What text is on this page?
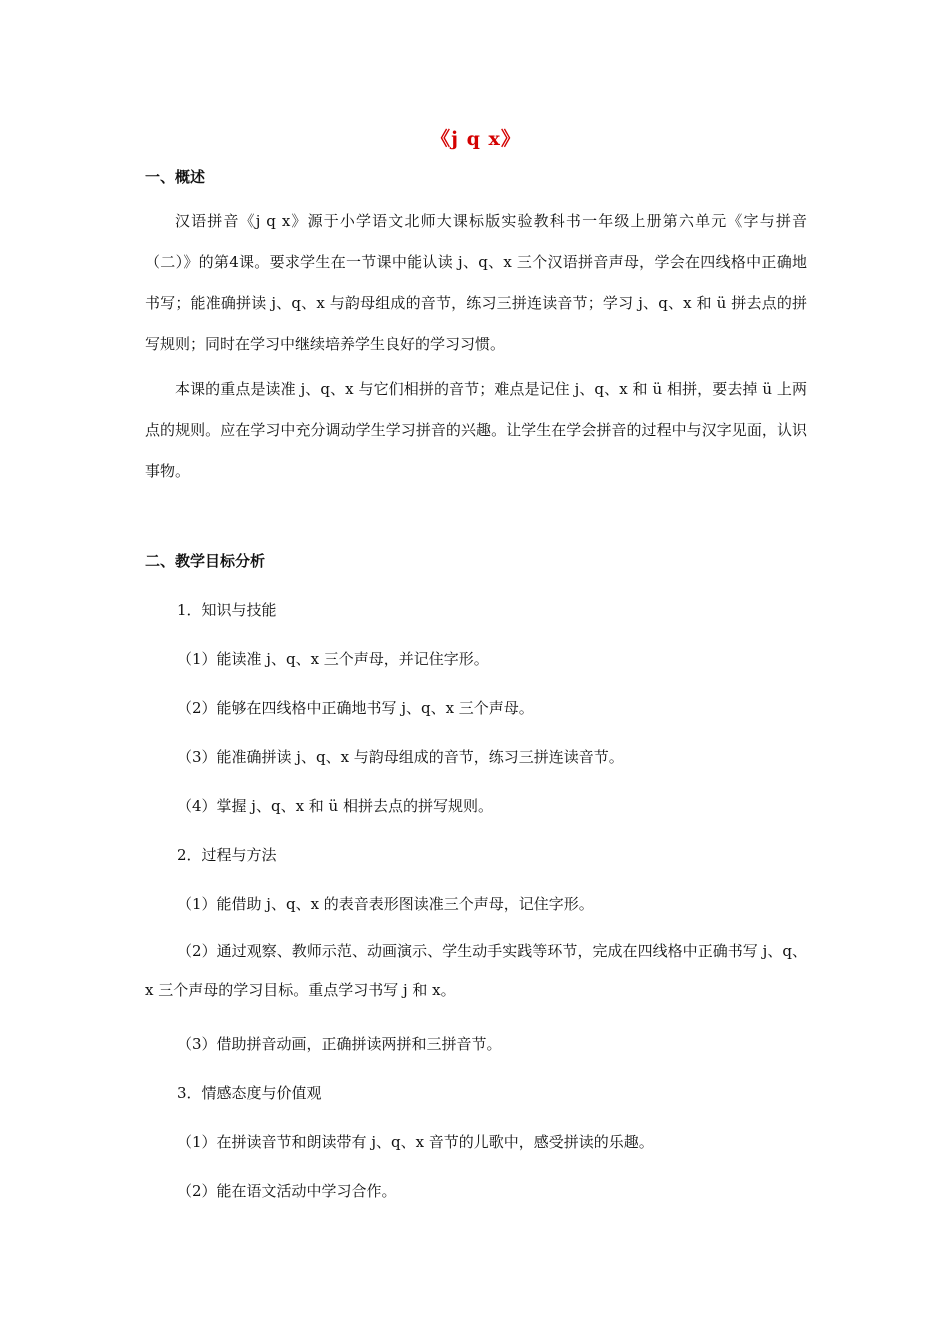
《j q x》
一、概述

汉语拼音《j q x》源于小学语文北师大课标版实验教科书一年级上册第六单元《字与拼音（二）》的第4课。要求学生在一节课中能认读 j、q、x 三个汉语拼音声母，学会在四线格中正确地书写；能准确拼读 j、q、x 与韵母组成的音节，练习三拼连读音节；学习 j、q、x 和 ü 拼去点的拼写规则；同时在学习中继续培养学生良好的学习习惯。

本课的重点是读准 j、q、x 与它们相拼的音节；难点是记住 j、q、x 和 ü 相拼，要去掉 ü 上两点的规则。应在学习中充分调动学生学习拼音的兴趣。让学生在学会拼音的过程中与汉字见面，认识事物。

二、教学目标分析

1．知识与技能

（1）能读准 j、q、x 三个声母，并记住字形。

（2）能够在四线格中正确地书写 j、q、x 三个声母。

（3）能准确拼读 j、q、x 与韵母组成的音节，练习三拼连读音节。

（4）掌握 j、q、x 和 ü 相拼去点的拼写规则。

2．过程与方法

（1）能借助 j、q、x 的表音表形图读准三个声母，记住字形。

（2）通过观察、教师示范、动画演示、学生动手实践等环节，完成在四线格中正确书写 j、q、x 三个声母的学习目标。重点学习书写 j 和 x。

（3）借助拼音动画，正确拼读两拼和三拼音节。

3．情感态度与价值观

（1）在拼读音节和朗读带有 j、q、x 音节的儿歌中，感受拼读的乐趣。

（2）能在语文活动中学习合作。
